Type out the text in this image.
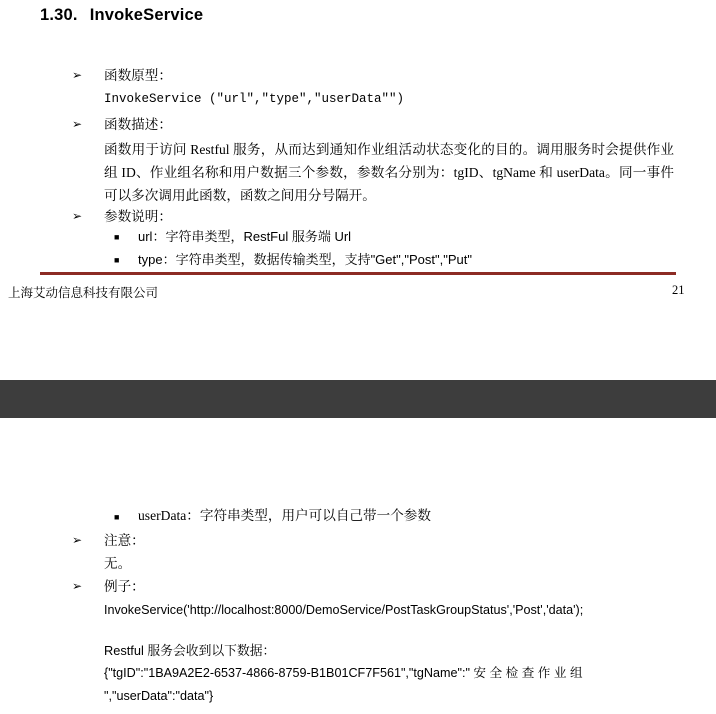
1.30. InvokeService
➢ 函数原型：
InvokeService ("url","type","userData"")
➢ 函数描述：
函数用于访问 Restful 服务，从而达到通知作业组活动状态变化的目的。调用服务时会提供作业组 ID、作业组名称和用户数据三个参数，参数名分别为：tgID、tgName 和 userData。同一事件可以多次调用此函数，函数之间用分号隔开。
➢ 参数说明：
■ url：字符串类型，RestFul 服务端 Url
■ type：字符串类型，数据传输类型，支持"Get","Post","Put"
上海艾动信息科技有限公司	21
■ userData：字符串类型，用户可以自己带一个参数
➢ 注意：
无。
➢ 例子：
InvokeService('http://localhost:8000/DemoService/PostTaskGroupStatus','Post','data');
Restful 服务会收到以下数据：
{"tgID":"1BA9A2E2-6537-4866-8759-B1B01CF7F561","tgName":" 安 全 检 查 作 业 组
","userData":"data"}
